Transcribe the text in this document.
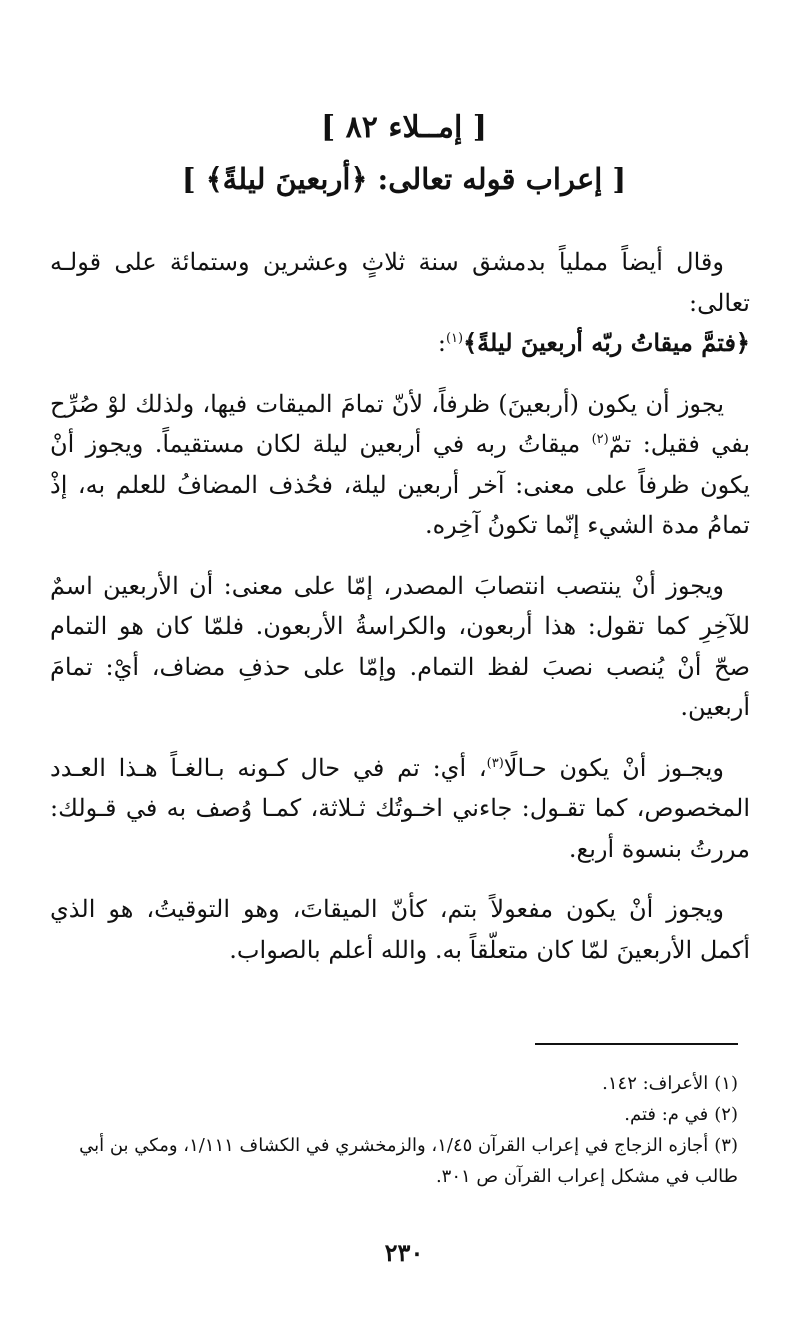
[ إمــلاء ٨٢ ]
[ إعراب قوله تعالى: ﴿أربعينَ ليلةً﴾ ]

وقال أيضاً مملياً بدمشق سنة ثلاثٍ وعشرين وستمائة على قولـه تعالى:
﴿فتمَّ ميقاتُ ربّه أربعينَ ليلةً﴾$^{(١)}$:

يجوز أن يكون (أربعينَ) ظرفاً، لأنّ تمامَ الميقات فيها، ولذلك لوْ صُرِّح بفي فقيل: تمّ$^{(٢)}$ ميقاتُ ربه في أربعين ليلة لكان مستقيماً. ويجوز أنْ يكون ظرفاً على معنى: آخر أربعين ليلة، فحُذف المضافُ للعلم به، إذْ تمامُ مدة الشيء إنّما تكونُ آخِره.

ويجوز أنْ ينتصب انتصابَ المصدر، إمّا على معنى: أن الأربعين اسمٌ للآخِرِ كما تقول: هذا أربعون، والكراسةُ الأربعون. فلمّا كان هو التمام صحّ أنْ يُنصب نصبَ لفظ التمام. وإمّا على حذفِ مضاف، أيْ: تمامَ أربعين.

ويجـوز أنْ يكون حـالًا$^{(٣)}$، أي: تم في حال كـونه بـالغـاً هـذا العـدد المخصوص، كما تقـول: جاءني اخـوتُك ثـلاثة، كمـا وُصف به في قـولك: مررتُ بنسوة أربع.

ويجوز أنْ يكون مفعولاً بتم، كأنّ الميقاتَ، وهو التوقيتُ، هو الذي أكمل الأربعينَ لمّا كان متعلّقاً به. والله أعلم بالصواب.

(١)الأعراف: ١٤٢.

(٢)في م: فتم.

(٣)أجازه الزجاج في إعراب القرآن ١/٤٥، والزمخشري في الكشاف ١/١١١، ومكي بن أبي طالب في مشكل إعراب القرآن ص ٣٠١.

٢٣٠
